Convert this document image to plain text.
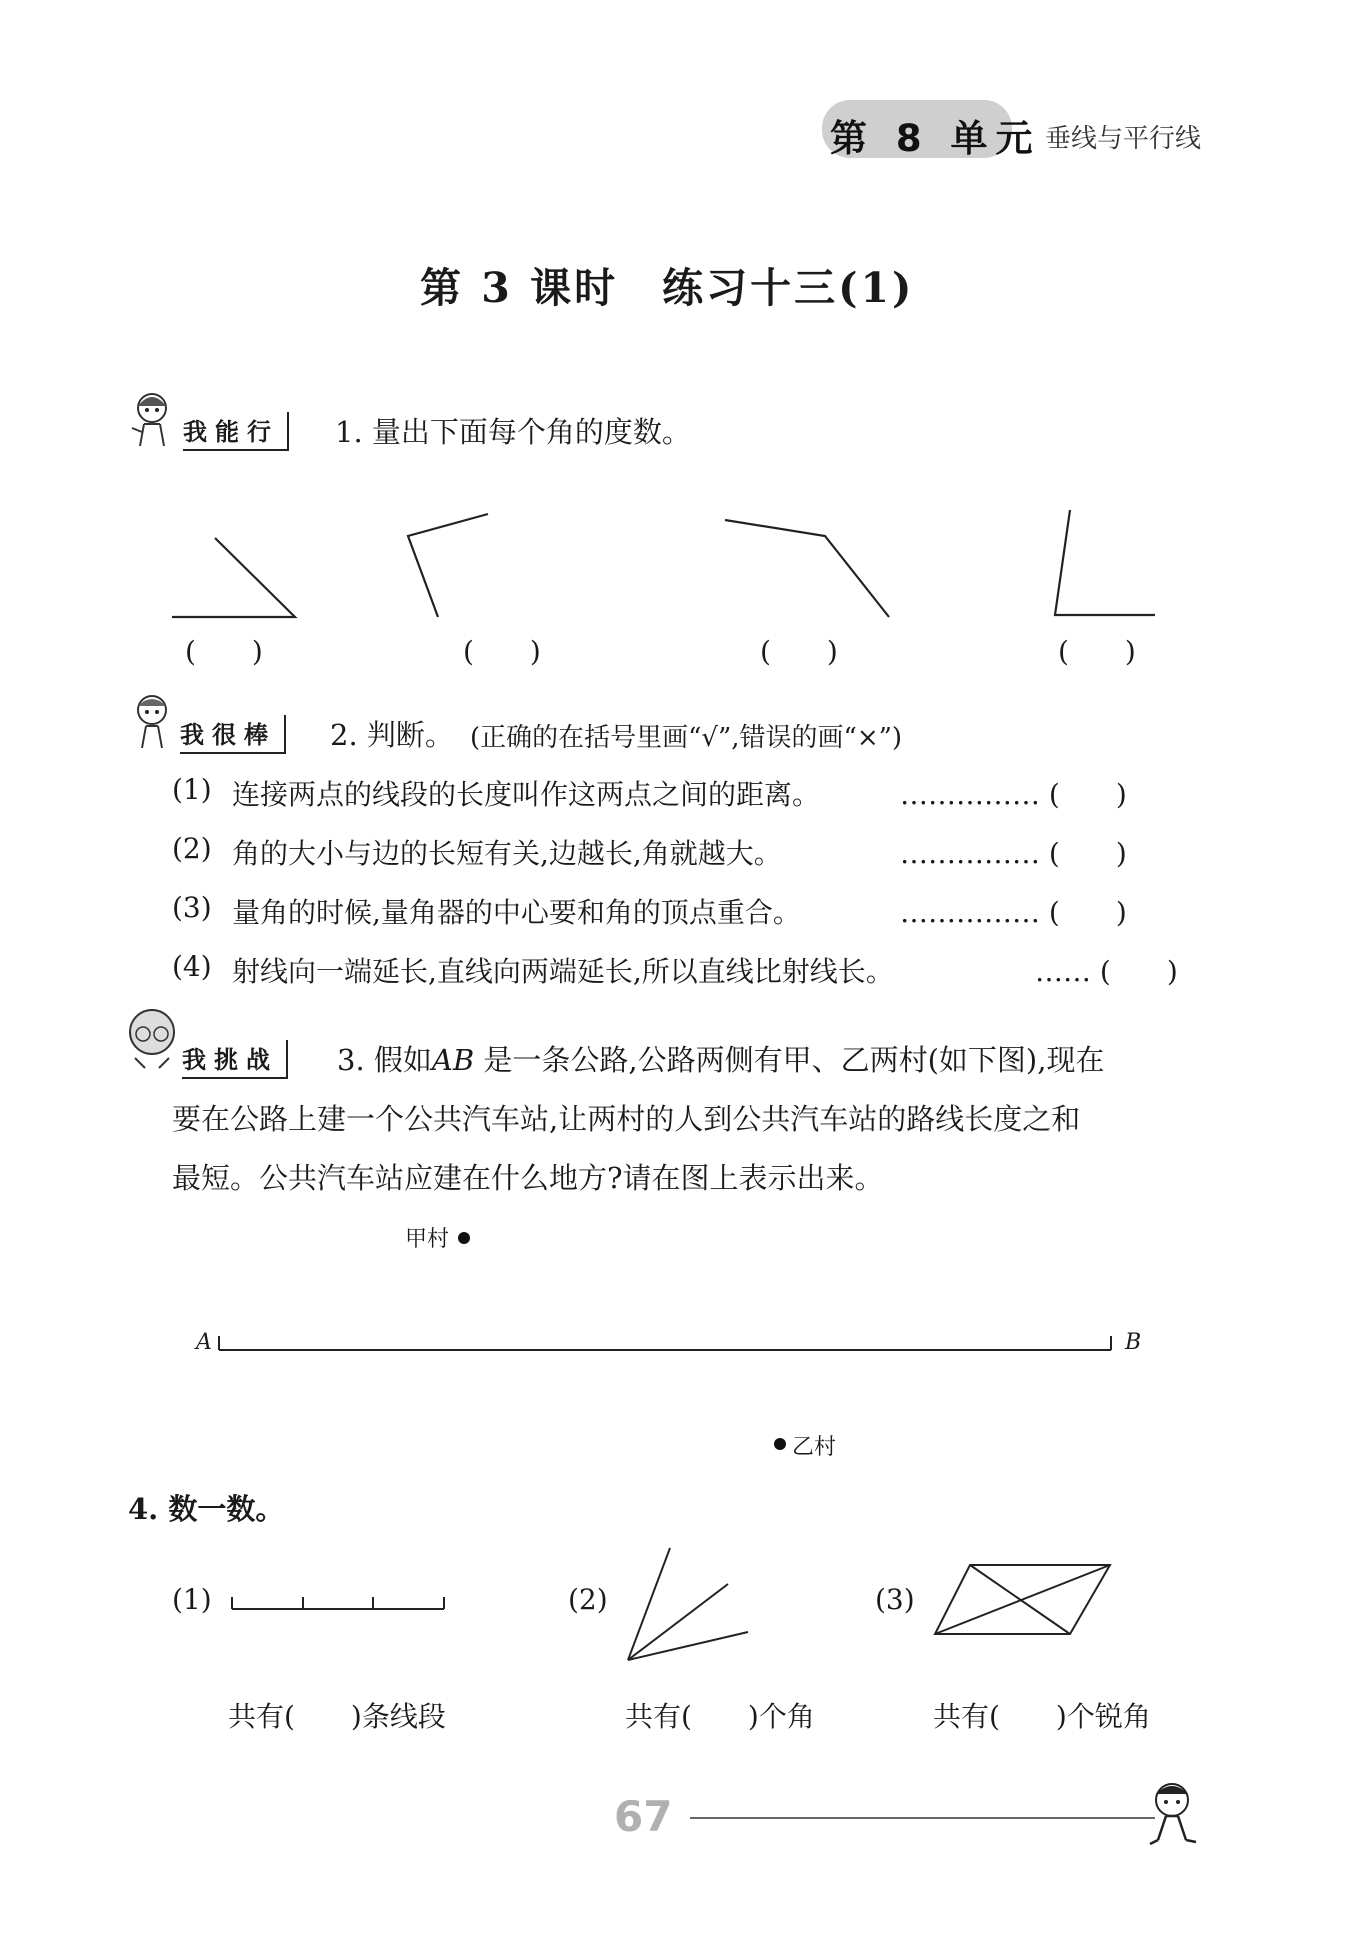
第 8 单元 垂线与平行线
第 3 课时　练习十三(1)
我能行	1. 量出下面每个角的度数。
(　　)	(　　)	(　　)	(　　)
我很棒	2. 判断。 (正确的在括号里画“√”,错误的画“×”)
(1) 连接两点的线段的长度叫作这两点之间的距离。	…………… (　　)
(2) 角的大小与边的长短有关,边越长,角就越大。	…………… (　　)
(3) 量角的时候,量角器的中心要和角的顶点重合。	…………… (　　)
(4) 射线向一端延长,直线向两端延长,所以直线比射线长。	…… (　　)
我挑战	3. 假如AB 是一条公路,公路两侧有甲、乙两村(如下图),现在
要在公路上建一个公共汽车站,让两村的人到公共汽车站的路线长度之和
最短。公共汽车站应建在什么地方?请在图上表示出来。
甲村
A	B
乙村
4. 数一数。
(1)	(2)	(3)
共有(　　)条线段	共有(　　)个角	共有(　　)个锐角
67
